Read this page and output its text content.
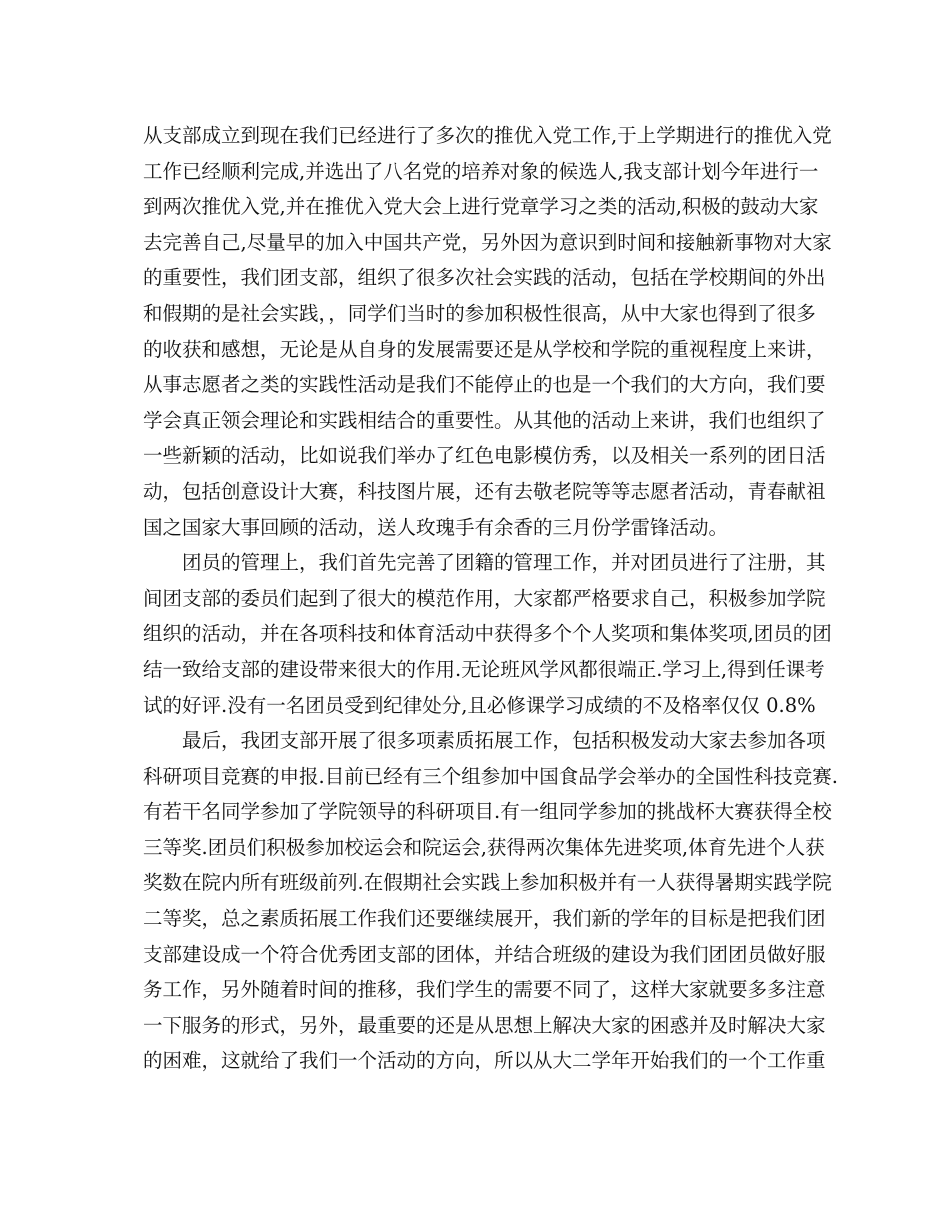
从支部成立到现在我们已经进行了多次的推优入党工作,于上学期进行的推优入党
工作已经顺利完成,并选出了八名党的培养对象的候选人,我支部计划今年进行一
到两次推优入党,并在推优入党大会上进行党章学习之类的活动,积极的鼓动大家
去完善自己,尽量早的加入中国共产党，另外因为意识到时间和接触新事物对大家
的重要性，我们团支部，组织了很多次社会实践的活动，包括在学校期间的外出
和假期的是社会实践，，同学们当时的参加积极性很高，从中大家也得到了很多
的收获和感想，无论是从自身的发展需要还是从学校和学院的重视程度上来讲，
从事志愿者之类的实践性活动是我们不能停止的也是一个我们的大方向，我们要
学会真正领会理论和实践相结合的重要性。从其他的活动上来讲，我们也组织了
一些新颖的活动，比如说我们举办了红色电影模仿秀，以及相关一系列的团日活
动，包括创意设计大赛，科技图片展，还有去敬老院等等志愿者活动，青春献祖
国之国家大事回顾的活动，送人玫瑰手有余香的三月份学雷锋活动。
团员的管理上，我们首先完善了团籍的管理工作，并对团员进行了注册，其
间团支部的委员们起到了很大的模范作用，大家都严格要求自己，积极参加学院
组织的活动，并在各项科技和体育活动中获得多个个人奖项和集体奖项,团员的团
结一致给支部的建设带来很大的作用.无论班风学风都很端正.学习上,得到任课考
试的好评.没有一名团员受到纪律处分,且必修课学习成绩的不及格率仅仅 0.8%
最后，我团支部开展了很多项素质拓展工作，包括积极发动大家去参加各项
科研项目竞赛的申报.目前已经有三个组参加中国食品学会举办的全国性科技竞赛.
有若干名同学参加了学院领导的科研项目.有一组同学参加的挑战杯大赛获得全校
三等奖.团员们积极参加校运会和院运会,获得两次集体先进奖项,体育先进个人获
奖数在院内所有班级前列.在假期社会实践上参加积极并有一人获得暑期实践学院
二等奖，总之素质拓展工作我们还要继续展开，我们新的学年的目标是把我们团
支部建设成一个符合优秀团支部的团体，并结合班级的建设为我们团团员做好服
务工作，另外随着时间的推移，我们学生的需要不同了，这样大家就要多多注意
一下服务的形式，另外，最重要的还是从思想上解决大家的困惑并及时解决大家
的困难，这就给了我们一个活动的方向，所以从大二学年开始我们的一个工作重
